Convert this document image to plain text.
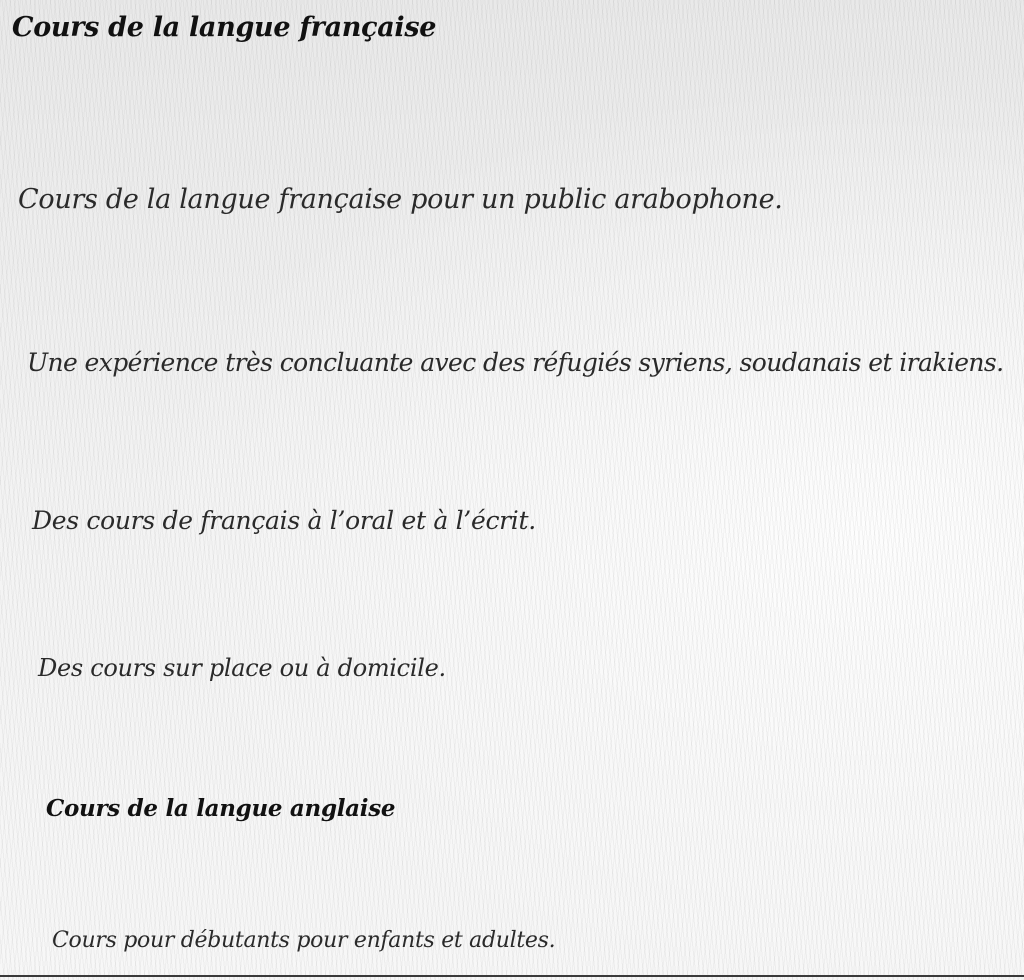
Cours de la langue française

Cours de la langue française pour un public arabophone.

Une expérience très concluante avec des réfugiés syriens, soudanais et irakiens.

Des cours de français à l’oral et à l’écrit.

Des cours sur place ou à domicile.

Cours de la langue anglaise

Cours pour débutants pour enfants et adultes.
